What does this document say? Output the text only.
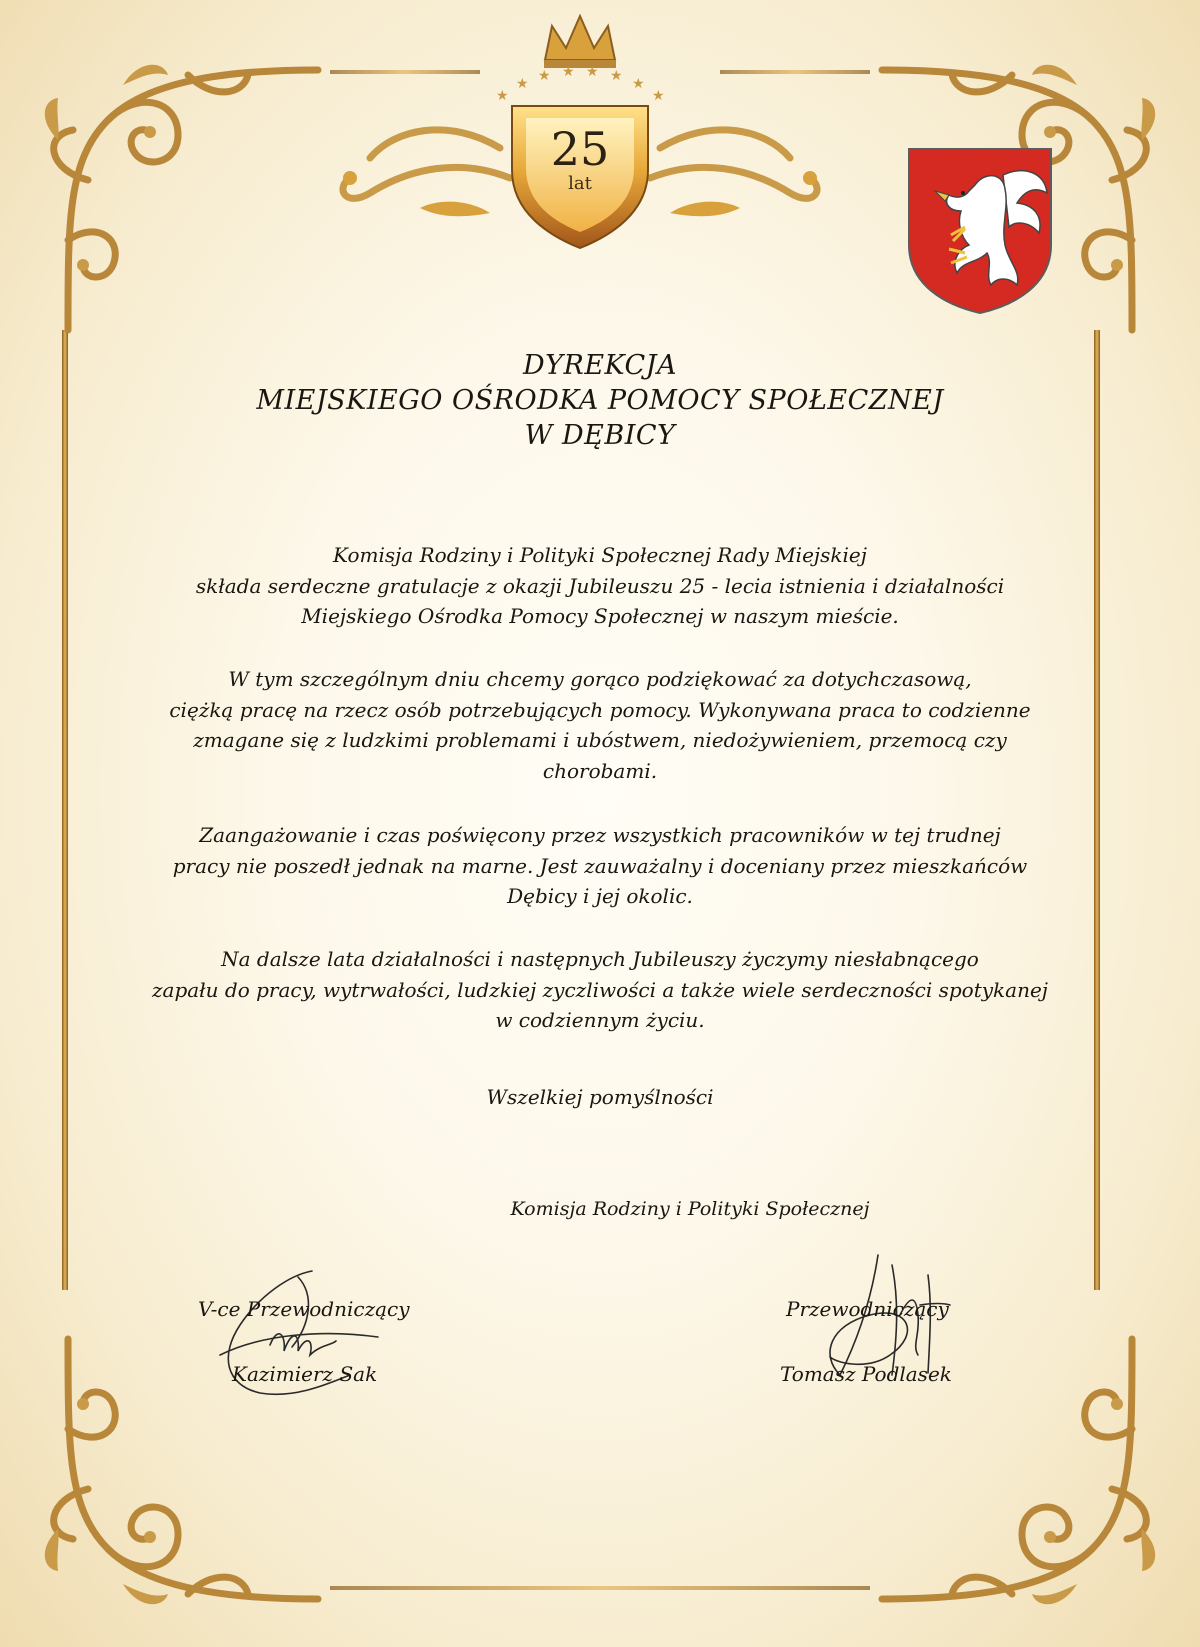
★
★ ★ ★ ★ ★ ★
★
25
lat
DYREKCJA
MIEJSKIEGO OŚRODKA POMOCY SPOŁECZNEJ
W DĘBICY
Komisja Rodziny i Polityki Społecznej Rady Miejskiej
składa serdeczne gratulacje z okazji Jubileuszu 25 - lecia istnienia i działalności
Miejskiego Ośrodka Pomocy Społecznej w naszym mieście.
W tym szczególnym dniu chcemy gorąco podziękować za dotychczasową,
ciężką pracę na rzecz osób potrzebujących pomocy. Wykonywana praca to codzienne
zmagane się z ludzkimi problemami i ubóstwem, niedożywieniem, przemocą czy
chorobami.
Zaangażowanie i czas poświęcony przez wszystkich pracowników w tej trudnej
pracy nie poszedł jednak na marne. Jest zauważalny i doceniany przez mieszkańców
Dębicy i jej okolic.
Na dalsze lata działalności i następnych Jubileuszy życzymy niesłabnącego
zapału do pracy, wytrwałości, ludzkiej zyczliwości a także wiele serdeczności spotykanej
w codziennym życiu.
Wszelkiej pomyślności
Komisja Rodziny i Polityki Społecznej
V-ce Przewodniczący
Kazimierz Sak
Przewodniczący
Tomasz Podlasek
